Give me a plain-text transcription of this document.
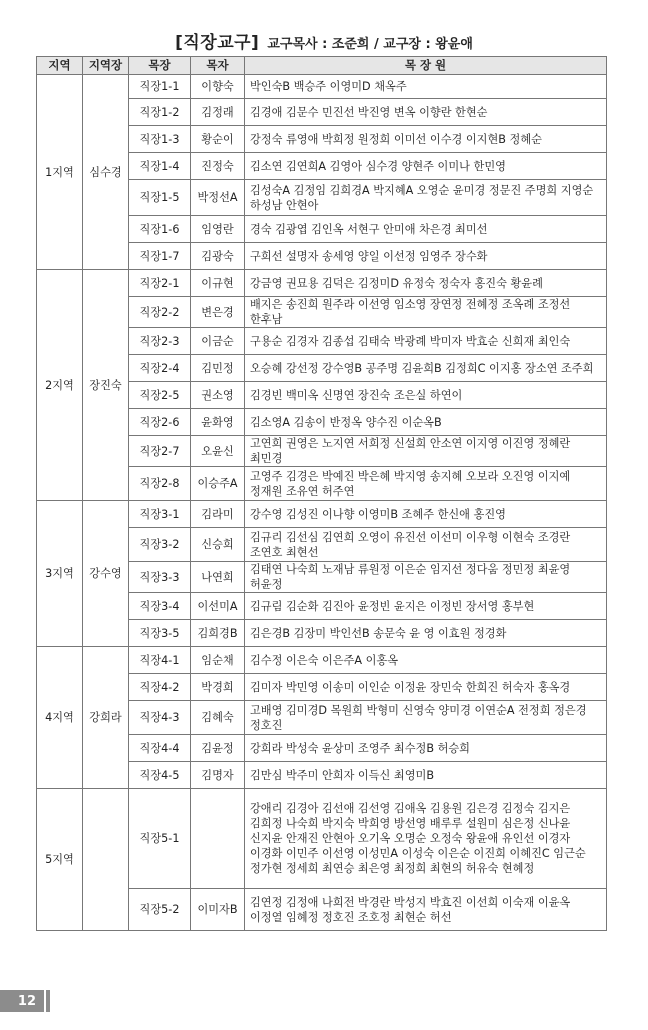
[직장교구] 교구목사 : 조준희 / 교구장 : 왕윤애
지역	지역장	목장	목자	목 장 원
1지역	심수경	직장1-1	이향숙	박인숙B 백승주 이영미D 채옥주
		직장1-2	김정래	김경애 김문수 민진선 박진영 변옥 이향란 한현순
		직장1-3	황순이	강정숙 류영애 박희정 원정희 이미선 이수경 이지현B 정혜순
		직장1-4	진정숙	김소연 김연희A 김영아 심수경 양현주 이미나 한민영
		직장1-5	박정선A	김성숙A 김정임 김희경A 박지혜A 오영순 윤미경 정문진 주명희 지영순 하성남 안현아
		직장1-6	임영란	경숙 김광엽 김인옥 서현구 안미애 차은경 최미선
		직장1-7	김광숙	구희선 설명자 송세영 양일 이선정 임영주 장수화
2지역	장진숙	직장2-1	이규현	강금영 권묘용 김덕은 김정미D 유정숙 정숙자 홍진숙 황윤례
		직장2-2	변은경	배지은 송진희 원주라 이선영 임소영 장연정 전혜정 조옥례 조정선 한후남
		직장2-3	이금순	구용순 김경자 김종섭 김태숙 박광례 박미자 박효순 신희재 최인숙
		직장2-4	김민정	오승혜 강선정 강수영B 공주명 김윤희B 김정희C 이지홍 장소연 조주희
		직장2-5	권소영	김경빈 백미옥 신명연 장진숙 조은실 하연이
		직장2-6	윤화영	김소영A 김송이 반정옥 양수진 이순옥B
		직장2-7	오윤신	고연희 권영은 노지연 서희정 신설희 안소연 이지영 이진영 정혜란 최민경
		직장2-8	이승주A	고영주 김경은 박예진 박은혜 박지영 송지혜 오보라 오진영 이지예 정재원 조유연 허주연
3지역	강수영	직장3-1	김라미	강수영 김성진 이나향 이영미B 조혜주 한신애 홍진영
		직장3-2	신승희	김규리 김선심 김연희 오영이 유진선 이선미 이우형 이현숙 조경란 조연호 최현선
		직장3-3	나연희	김태연 나숙희 노재남 류원정 이은순 임지선 정다움 정민정 최윤영 허윤정
		직장3-4	이선미A	김규림 김순화 김진아 윤정빈 윤지은 이정빈 장서영 홍부현
		직장3-5	김희경B	김은경B 김장미 박인선B 송문숙 윤 영 이효원 정경화
4지역	강희라	직장4-1	임순채	김수정 이은숙 이은주A 이홍옥
		직장4-2	박경희	김미자 박민영 이송미 이인순 이정윤 장민숙 한희진 허숙자 홍옥경
		직장4-3	김혜숙	고배영 김미경D 목원희 박형미 신영숙 양미경 이연순A 전정희 정은경 정호진
		직장4-4	김윤정	강희라 박성숙 윤상미 조영주 최수정B 허승희
		직장4-5	김명자	김만심 박주미 안희자 이득신 최영미B
5지역		직장5-1		강애리 김경아 김선애 김선영 김애옥 김용원 김은경 김정숙 김지은 김희정 나숙희 박지숙 박희영 방선영 배루루 설원미 심은정 신나윤 신지윤 안재진 안현아 오기옥 오명순 오정숙 왕윤애 유인선 이경자 이경화 이민주 이선영 이성민A 이성숙 이은순 이진희 이혜진C 임근순 정가현 정세희 최연승 최은영 최정희 최현의 허유숙 현혜정
		직장5-2	이미자B	김연정 김정애 나희전 박경란 박성지 박효진 이선희 이숙재 이윤옥 이정열 임혜정 정호진 조호정 최현순 허선
12
